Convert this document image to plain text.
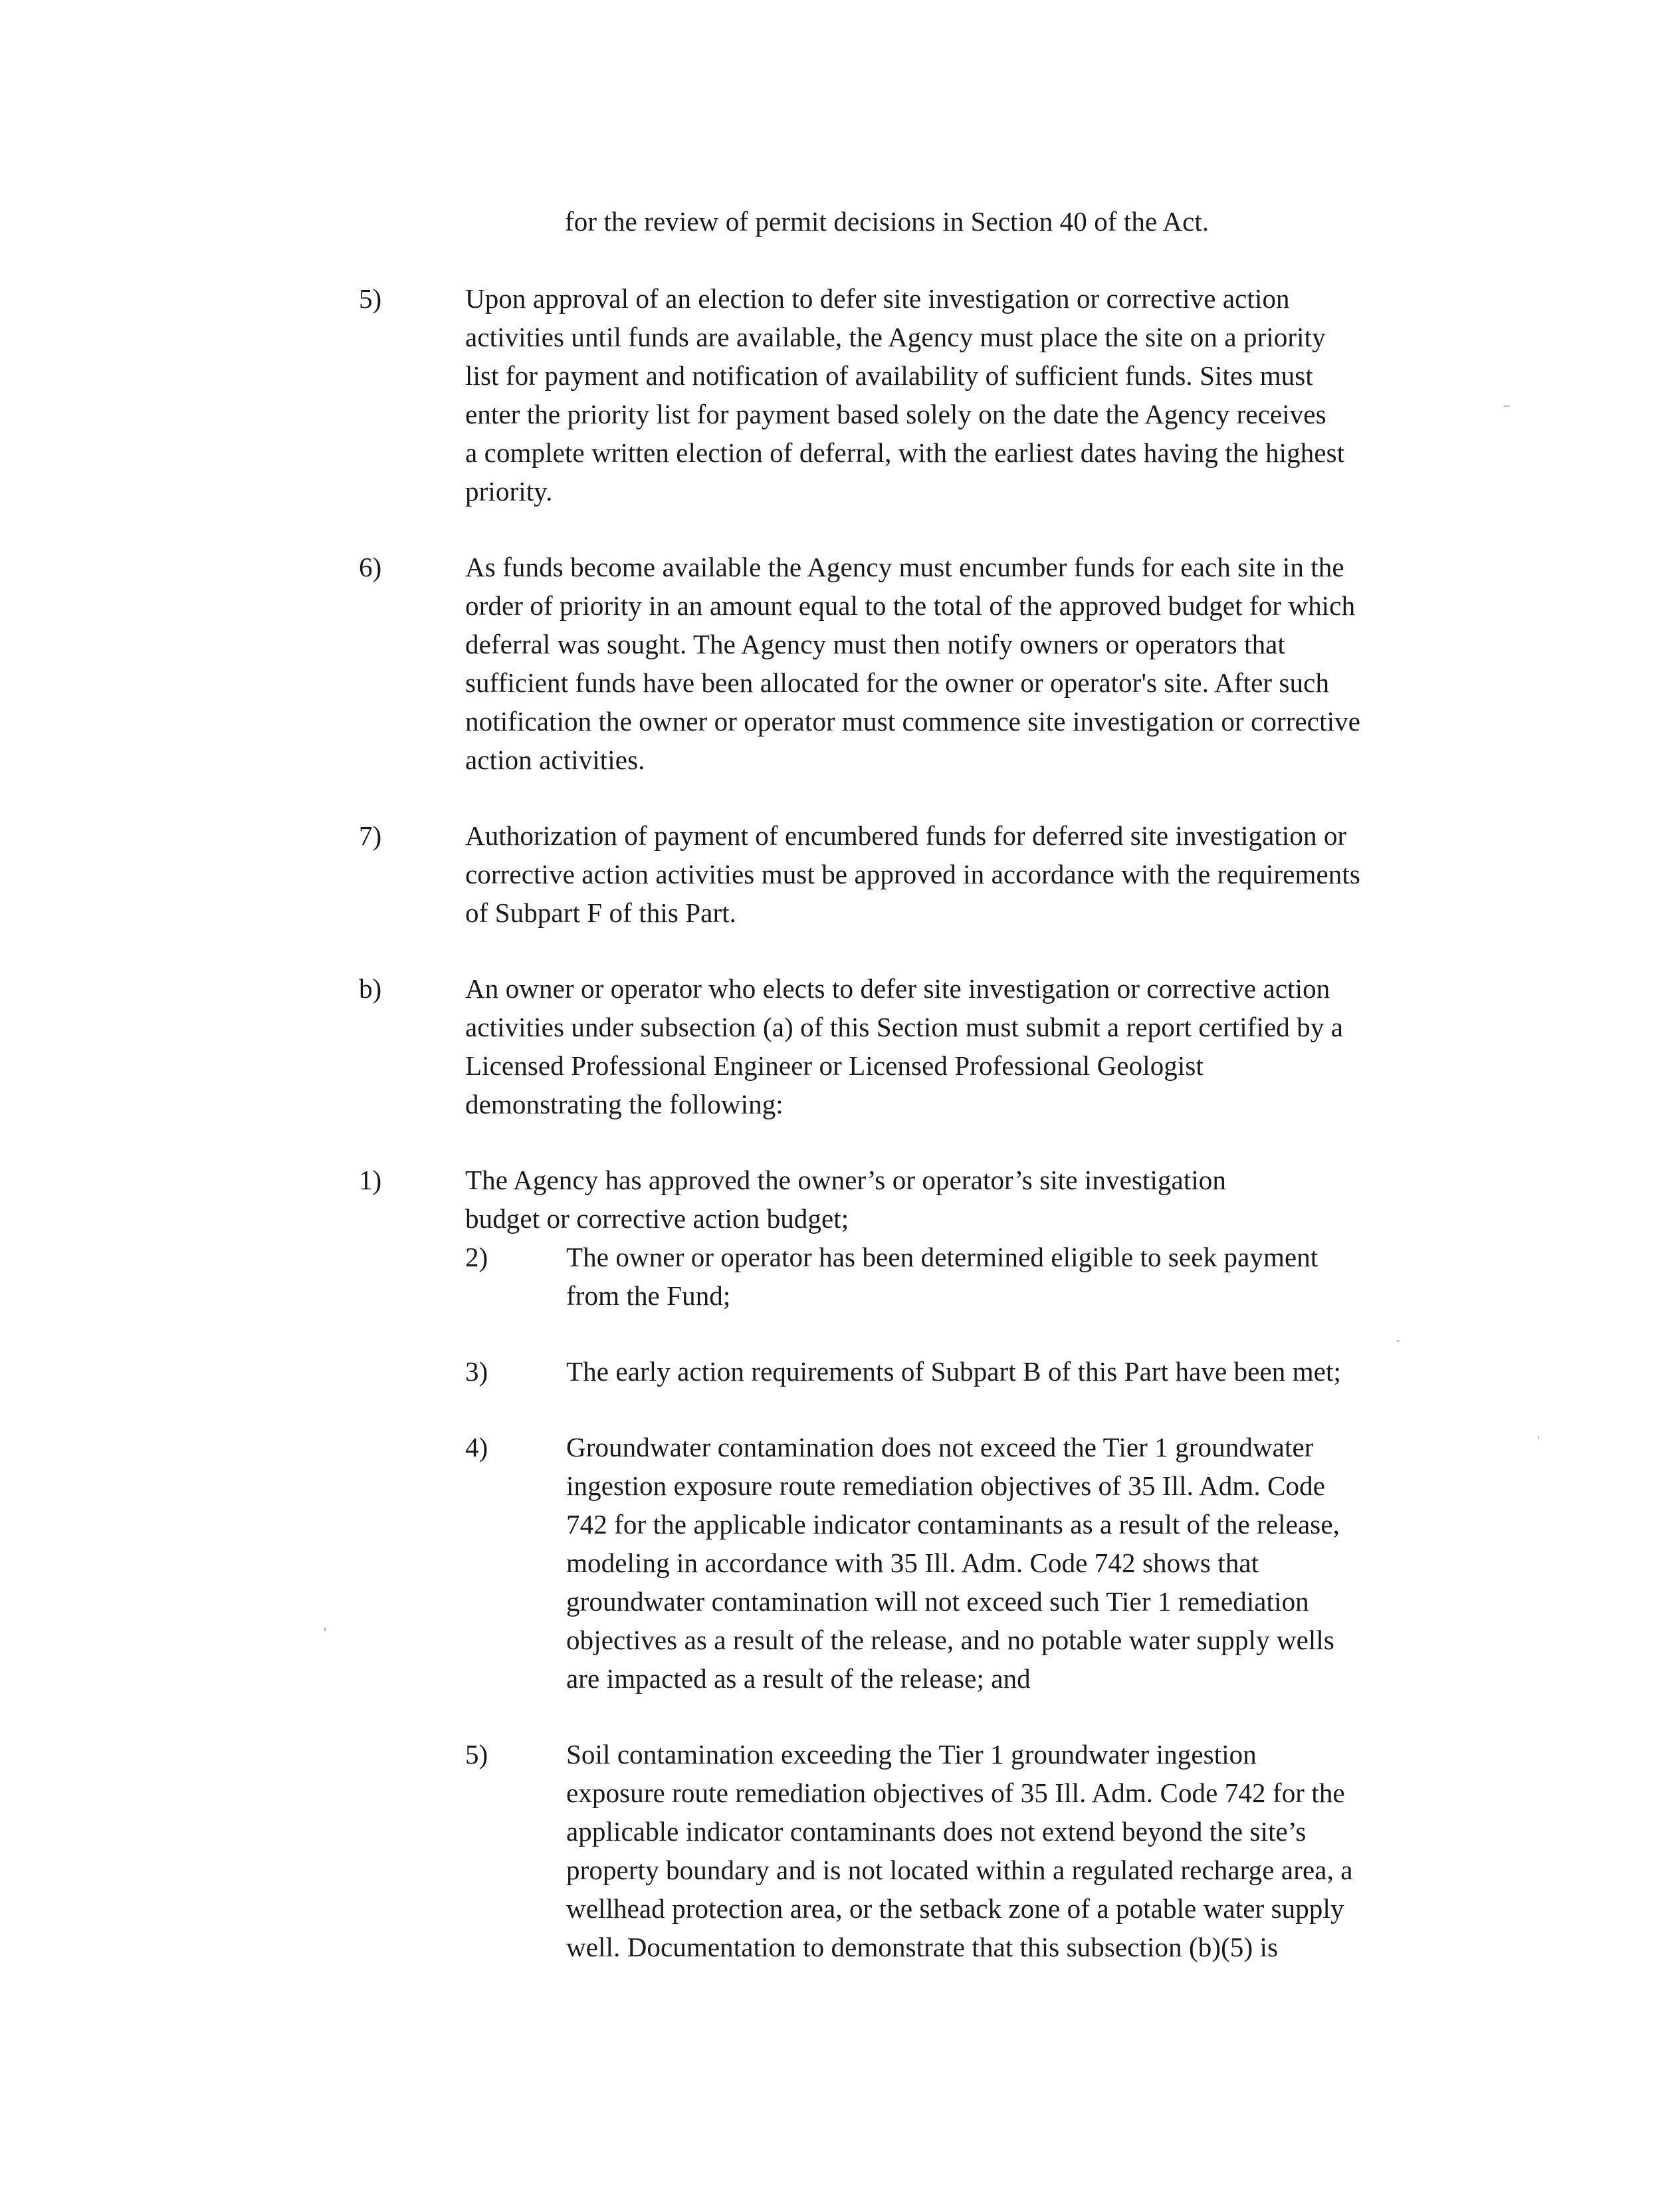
for the review of permit decisions in Section 40 of the Act.
5)	Upon approval of an election to defer site investigation or corrective action
activities until funds are available, the Agency must place the site on a priority
list for payment and notification of availability of sufficient funds. Sites must
enter the priority list for payment based solely on the date the Agency receives
a complete written election of deferral, with the earliest dates having the highest
priority.
6)	As funds become available the Agency must encumber funds for each site in the
order of priority in an amount equal to the total of the approved budget for which
deferral was sought. The Agency must then notify owners or operators that
sufficient funds have been allocated for the owner or operator's site. After such
notification the owner or operator must commence site investigation or corrective
action activities.
7)	Authorization of payment of encumbered funds for deferred site investigation or
corrective action activities must be approved in accordance with the requirements
of Subpart F of this Part.
b)	An owner or operator who elects to defer site investigation or corrective action
activities under subsection (a) of this Section must submit a report certified by a
Licensed Professional Engineer or Licensed Professional Geologist
demonstrating the following:
1)	The Agency has approved the owner’s or operator’s site investigation
budget or corrective action budget;
2)	The owner or operator has been determined eligible to seek payment
from the Fund;
3)	The early action requirements of Subpart B of this Part have been met;
4)	Groundwater contamination does not exceed the Tier 1 groundwater
ingestion exposure route remediation objectives of 35 Ill. Adm. Code
742 for the applicable indicator contaminants as a result of the release,
modeling in accordance with 35 Ill. Adm. Code 742 shows that
groundwater contamination will not exceed such Tier 1 remediation
objectives as a result of the release, and no potable water supply wells
are impacted as a result of the release; and
5)	Soil contamination exceeding the Tier 1 groundwater ingestion
exposure route remediation objectives of 35 Ill. Adm. Code 742 for the
applicable indicator contaminants does not extend beyond the site’s
property boundary and is not located within a regulated recharge area, a
wellhead protection area, or the setback zone of a potable water supply
well. Documentation to demonstrate that this subsection (b)(5) is
